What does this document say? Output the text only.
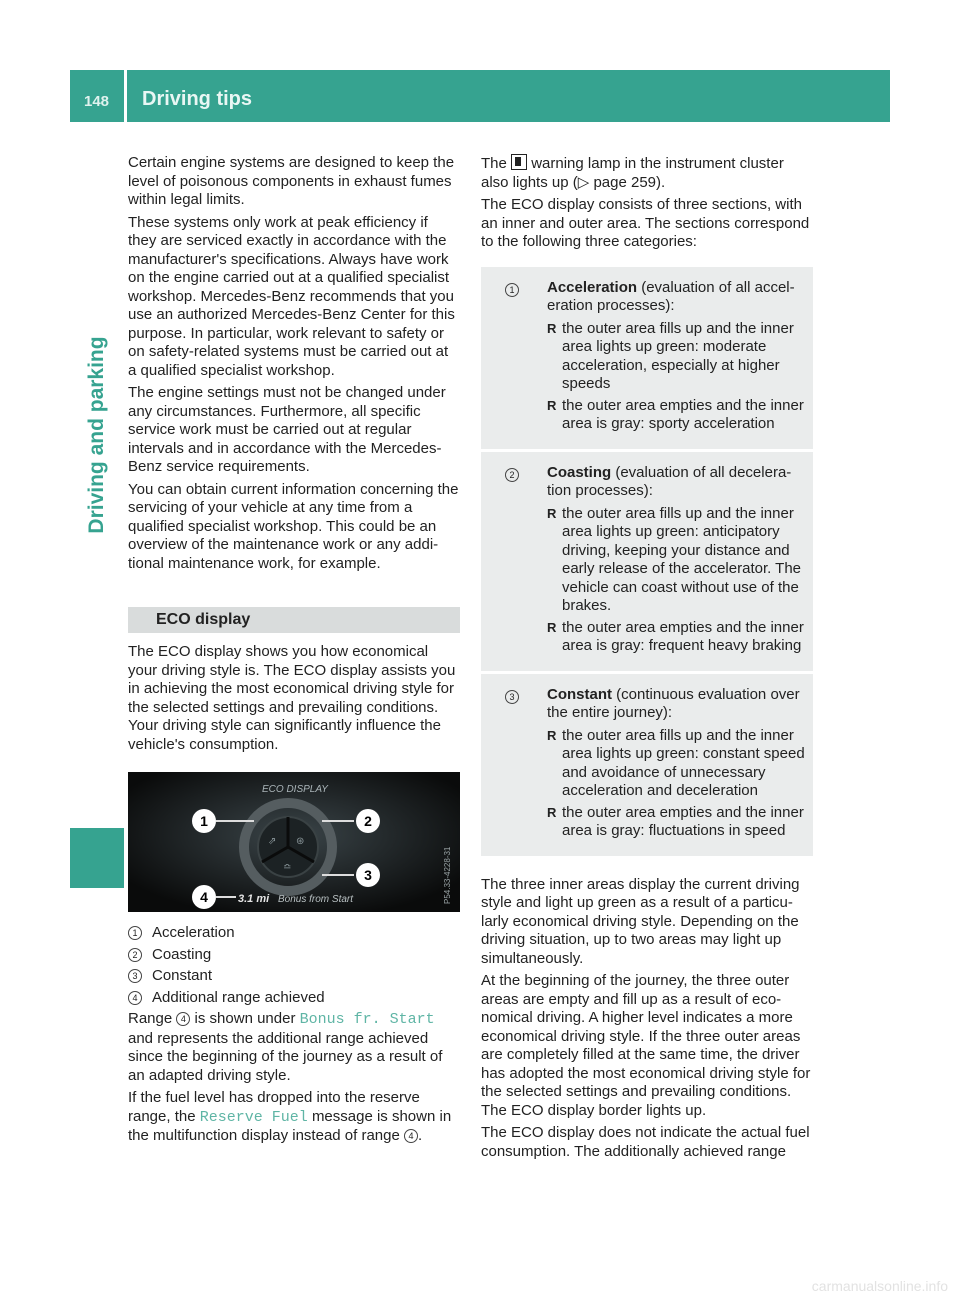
148 Driving tips
Driving and parking

Certain engine systems are designed to keep the level of poisonous components in exhaust fumes within legal limits.

These systems only work at peak efficiency if they are serviced exactly in accordance with the manufacturer's specifications. Always have work on the engine carried out at a qualified specialist workshop. Mercedes-Benz recommends that you use an authorized Mercedes-Benz Center for this purpose. In particular, work relevant to safety or on safety-related systems must be carried out at a qualified specialist workshop.

The engine settings must not be changed under any circumstances. Furthermore, all specific service work must be carried out at regular intervals and in accordance with the Mercedes-Benz service requirements.

You can obtain current information concerning the servicing of your vehicle at any time from a qualified specialist workshop. This could be an overview of the maintenance work or any additional maintenance work, for example.

ECO display

The ECO display shows you how economical your driving style is. The ECO display assists you in achieving the most economical driving style for the selected settings and prevailing conditions. Your driving style can significantly influence the vehicle's consumption.

ECO DISPLAY
⇗ ⊛
≏
1	2
3
4	3.1 mi Bonus from Start	P54.33-4228-31
1 Acceleration
2 Coasting
3 Constant
4 Additional range achieved

Range 4 is shown under Bonus fr. Start and represents the additional range achieved since the beginning of the journey as a result of an adapted driving style.

If the fuel level has dropped into the reserve range, the Reserve Fuel message is shown in the multifunction display instead of range 4 .

The warning lamp in the instrument cluster also lights up (▷ page 259).

The ECO display consists of three sections, with an inner and outer area. The sections correspond to the following three categories:

1	Acceleration (evaluation of all acceleration processes):
R the outer area fills up and the inner area lights up green: moderate acceleration, especially at higher speeds
R the outer area empties and the inner area is gray: sporty acceleration
2	Coasting (evaluation of all deceleration processes):
R the outer area fills up and the inner area lights up green: anticipatory driving, keeping your distance and early release of the accelerator. The vehicle can coast without use of the brakes.
R the outer area empties and the inner area is gray: frequent heavy braking
3	Constant (continuous evaluation over the entire journey):
R the outer area fills up and the inner area lights up green: constant speed and avoidance of unnecessary acceleration and deceleration
R the outer area empties and the inner area is gray: fluctuations in speed

The three inner areas display the current driving style and light up green as a result of a particularly economical driving style. Depending on the driving situation, up to two areas may light up simultaneously.

At the beginning of the journey, the three outer areas are empty and fill up as a result of economical driving. A higher level indicates a more economical driving style. If the three outer areas are completely filled at the same time, the driver has adopted the most economical driving style for the selected settings and prevailing conditions. The ECO display border lights up.

The ECO display does not indicate the actual fuel consumption. The additionally achieved range

carmanualsonline.info
